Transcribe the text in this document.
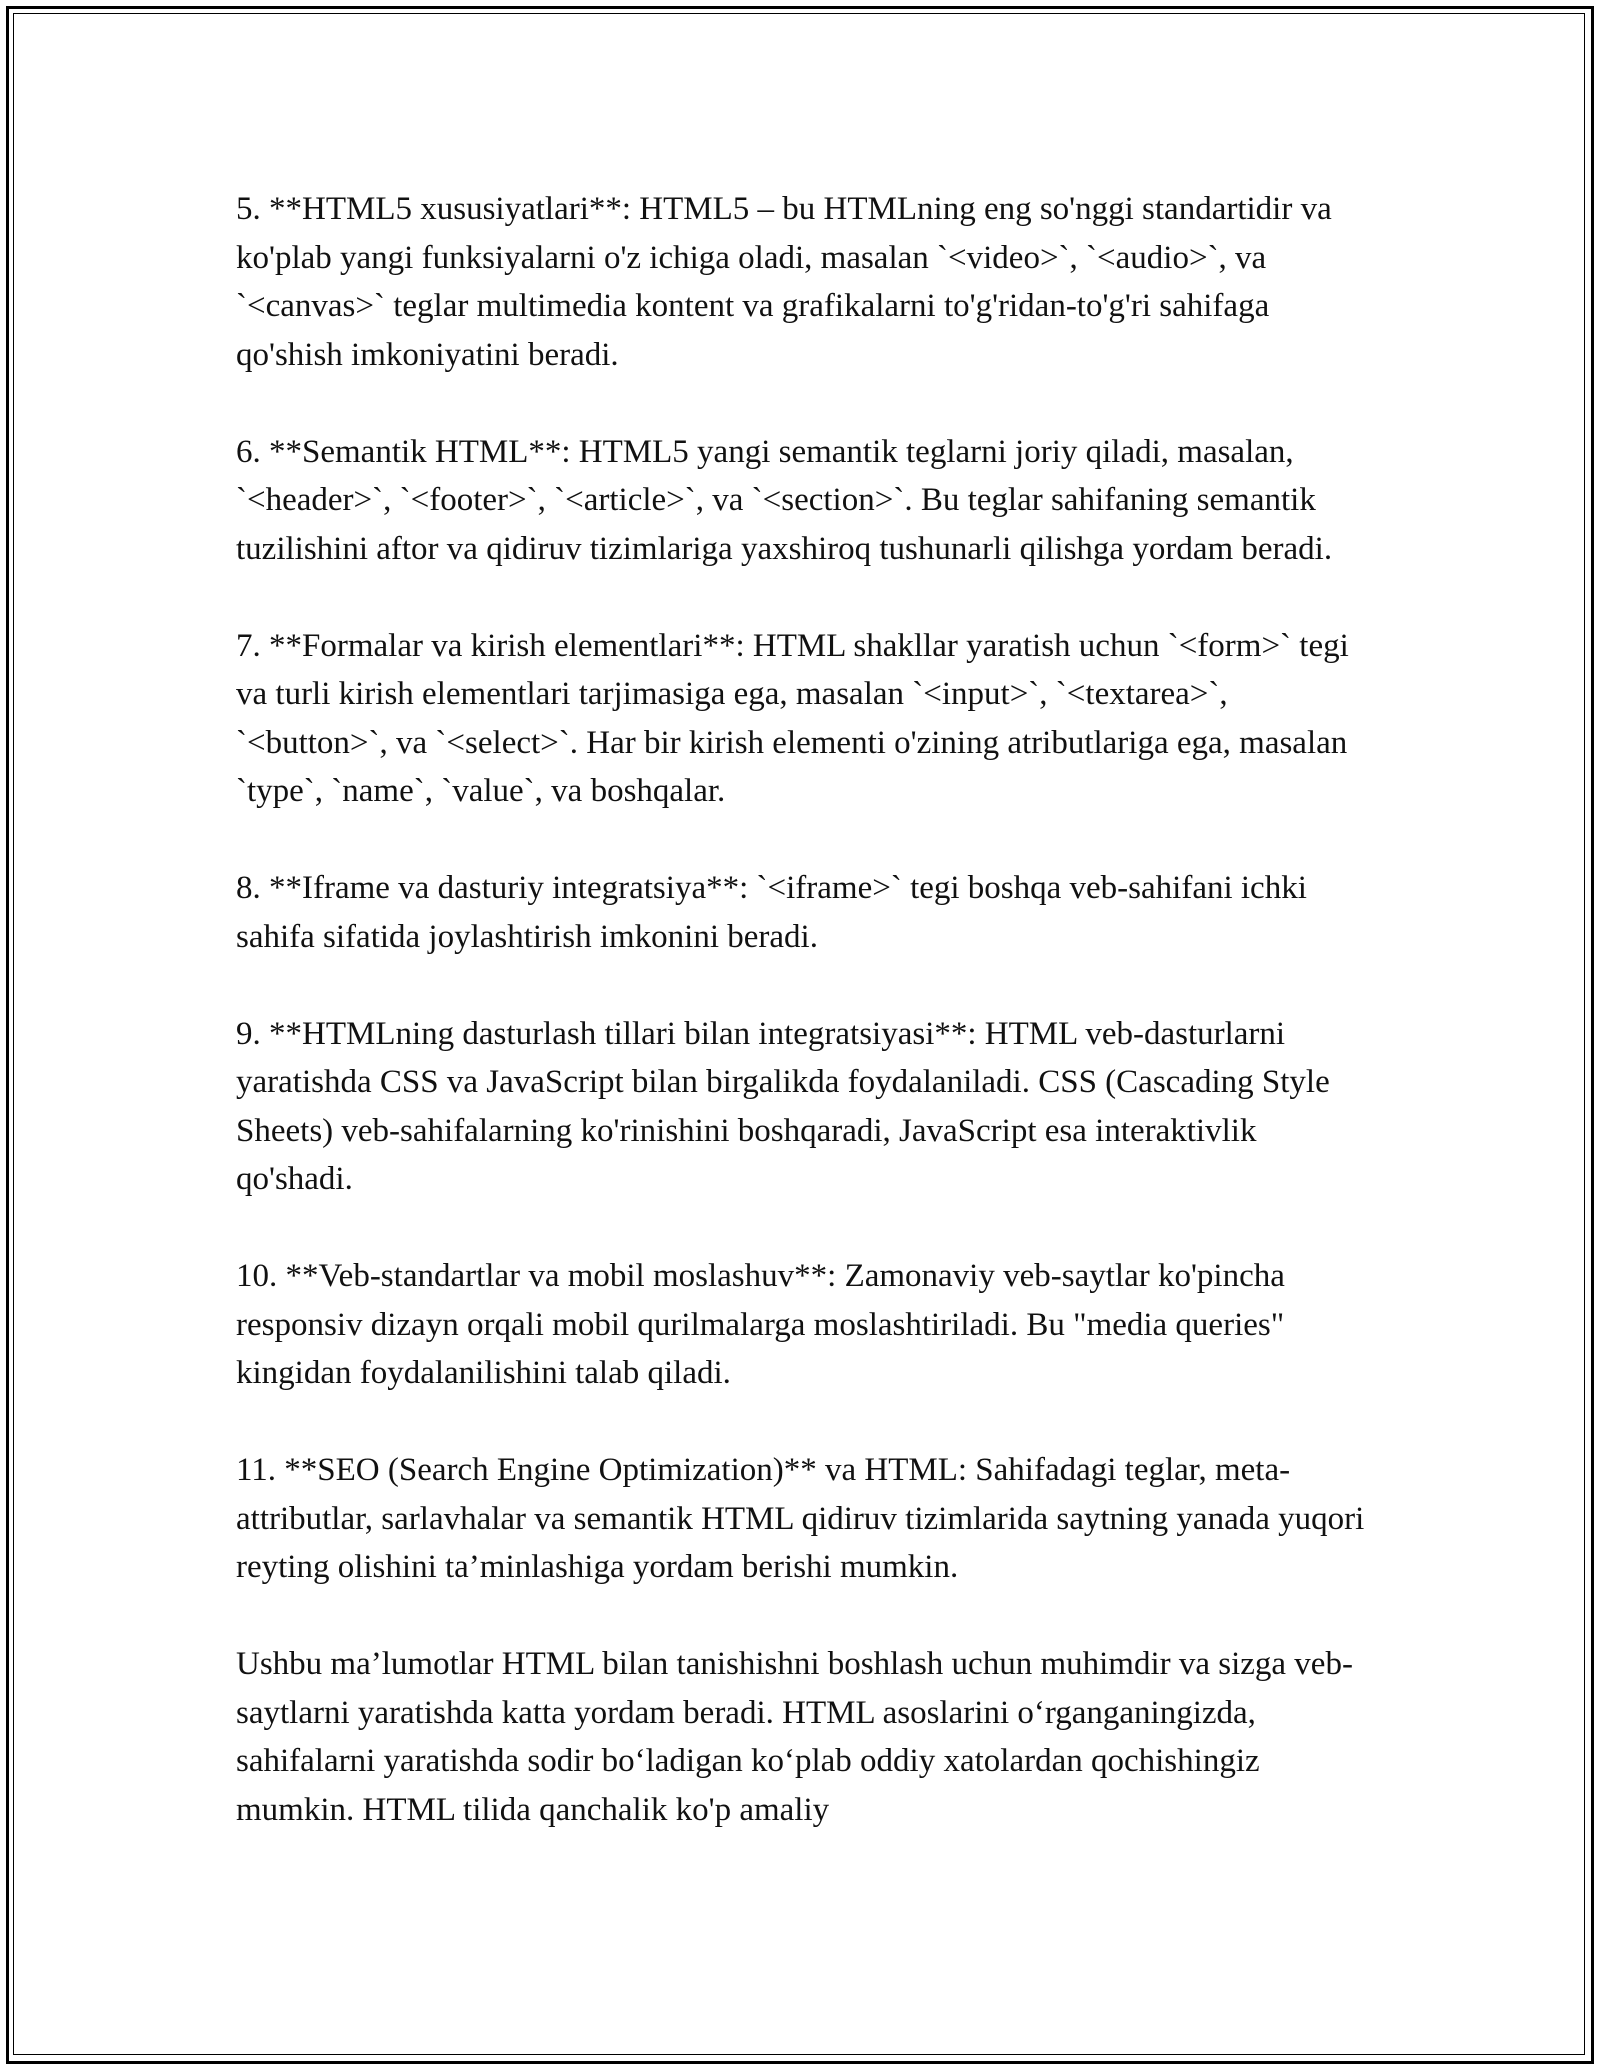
5. **HTML5 xususiyatlari**: HTML5 – bu HTMLning eng so'nggi standartidir va ko'plab yangi funksiyalarni o'z ichiga oladi, masalan `<video>`, `<audio>`, va `<canvas>` teglar multimedia kontent va grafikalarni to'g'ridan-to'g'ri sahifaga qo'shish imkoniyatini beradi.

6. **Semantik HTML**: HTML5 yangi semantik teglarni joriy qiladi, masalan, `<header>`, `<footer>`, `<article>`, va `<section>`. Bu teglar sahifaning semantik tuzilishini aftor va qidiruv tizimlariga yaxshiroq tushunarli qilishga yordam beradi.

7. **Formalar va kirish elementlari**: HTML shakllar yaratish uchun `<form>` tegi va turli kirish elementlari tarjimasiga ega, masalan `<input>`, `<textarea>`, `<button>`, va `<select>`. Har bir kirish elementi o'zining atributlariga ega, masalan `type`, `name`, `value`, va boshqalar.

8. **Iframe va dasturiy integratsiya**: `<iframe>` tegi boshqa veb-sahifani ichki sahifa sifatida joylashtirish imkonini beradi.

9. **HTMLning dasturlash tillari bilan integratsiyasi**: HTML veb-dasturlarni yaratishda CSS va JavaScript bilan birgalikda foydalaniladi. CSS (Cascading Style Sheets) veb-sahifalarning ko'rinishini boshqaradi, JavaScript esa interaktivlik qo'shadi.

10. **Veb-standartlar va mobil moslashuv**: Zamonaviy veb-saytlar ko'pincha responsiv dizayn orqali mobil qurilmalarga moslashtiriladi. Bu "media queries" kingidan foydalanilishini talab qiladi.

11. **SEO (Search Engine Optimization)** va HTML: Sahifadagi teglar, meta-attributlar, sarlavhalar va semantik HTML qidiruv tizimlarida saytning yanada yuqori reyting olishini ta’minlashiga yordam berishi mumkin.

Ushbu ma’lumotlar HTML bilan tanishishni boshlash uchun muhimdir va sizga veb-saytlarni yaratishda katta yordam beradi. HTML asoslarini o‘rganganingizda, sahifalarni yaratishda sodir bo‘ladigan ko‘plab oddiy xatolardan qochishingiz mumkin. HTML tilida qanchalik ko'p amaliy
